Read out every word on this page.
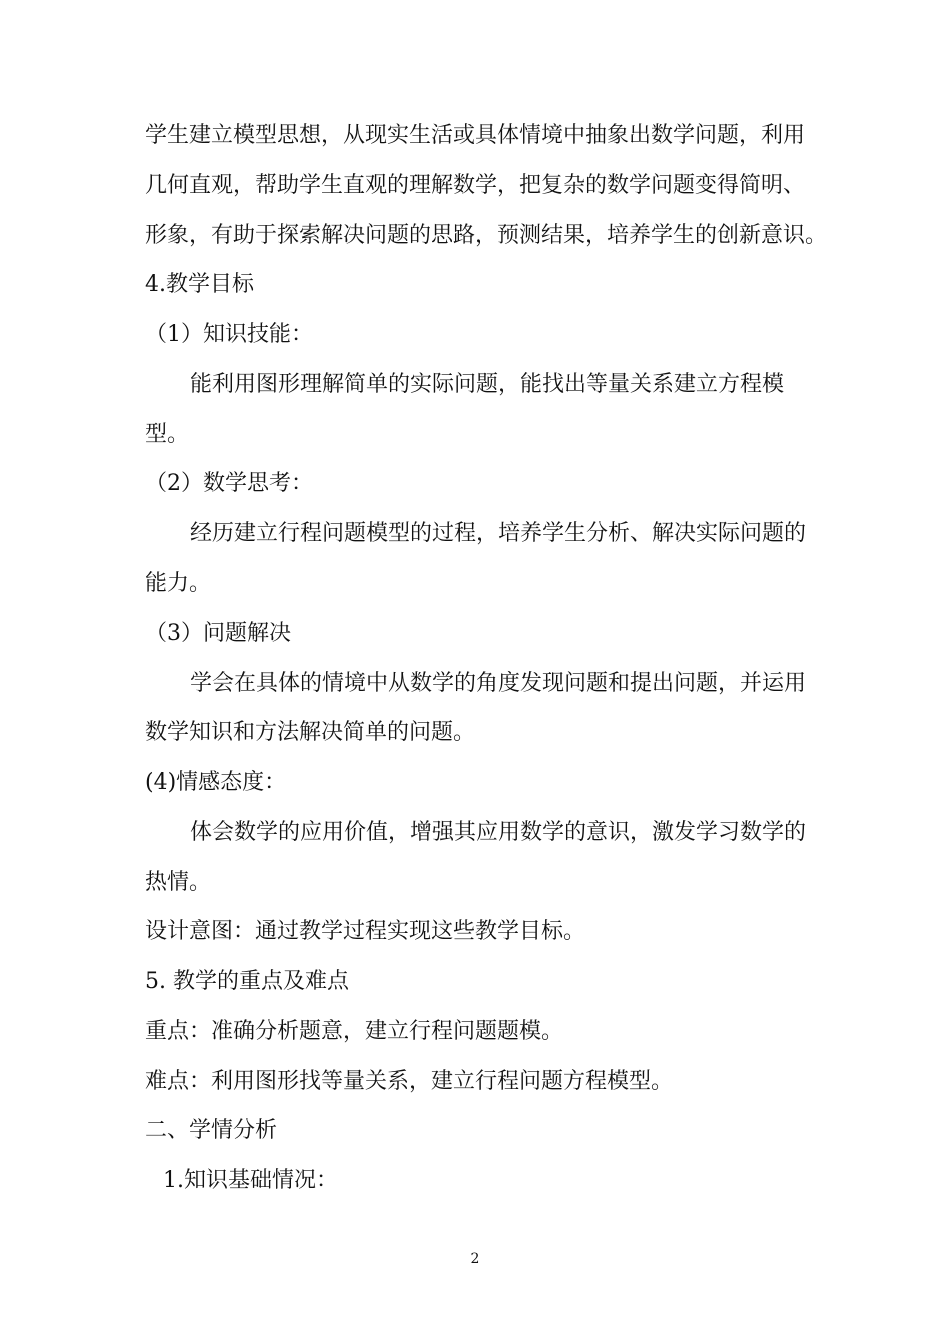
学生建立模型思想，从现实生活或具体情境中抽象出数学问题，利用
几何直观，帮助学生直观的理解数学，把复杂的数学问题变得简明、
形象，有助于探索解决问题的思路，预测结果，培养学生的创新意识。
4.教学目标
（1）知识技能：
能利用图形理解简单的实际问题，能找出等量关系建立方程模
型。
（2）数学思考：
经历建立行程问题模型的过程，培养学生分析、解决实际问题的
能力。
（3）问题解决
学会在具体的情境中从数学的角度发现问题和提出问题，并运用
数学知识和方法解决简单的问题。
(4)情感态度：
体会数学的应用价值，增强其应用数学的意识，激发学习数学的
热情。
设计意图：通过教学过程实现这些教学目标。
5. 教学的重点及难点
重点：准确分析题意，建立行程问题题模。
难点：利用图形找等量关系，建立行程问题方程模型。
二、学情分析
1.知识基础情况：
2
